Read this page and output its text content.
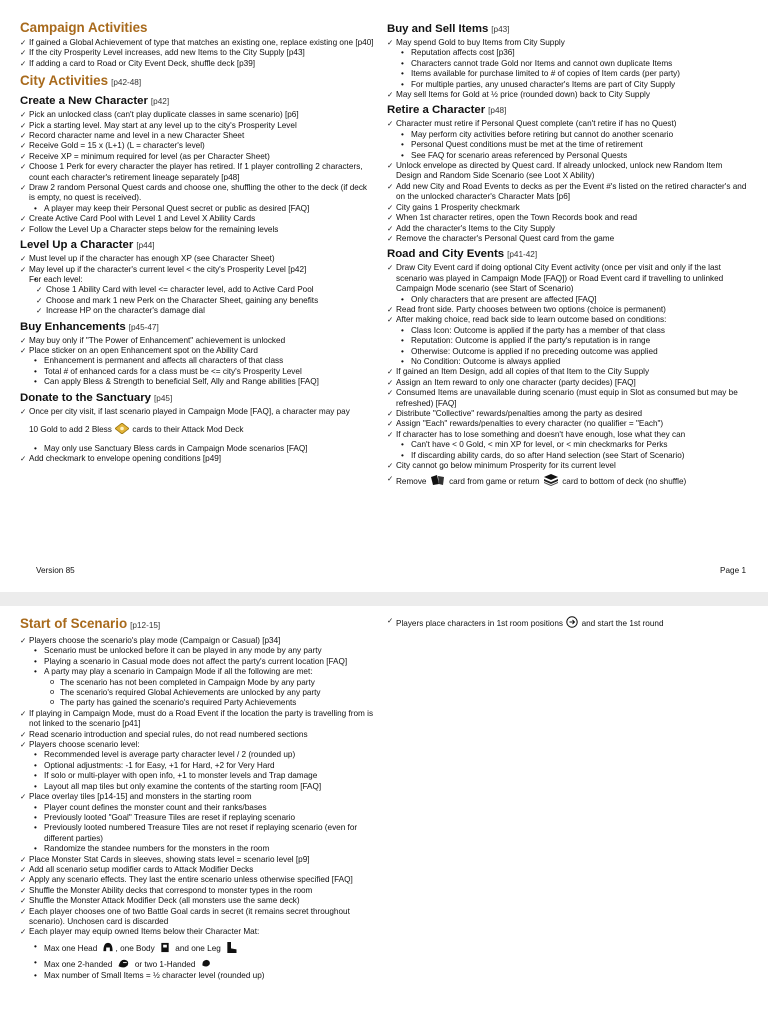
Campaign Activities

✓ If gained a Global Achievement of type that matches an existing one, replace existing one [p40]

✓ If the city Prosperity Level increases, add new Items to the City Supply [p43]

✓ If adding a card to Road or City Event Deck, shuffle deck [p39]

City Activities [p42-48]
Create a New Character [p42]

✓ Pick an unlocked class (can't play duplicate classes in same scenario) [p6]

✓ Pick a starting level. May start at any level up to the city's Prosperity Level

✓ Record character name and level in a new Character Sheet

✓ Receive Gold = 15 x (L+1) (L = character's level)

✓ Receive XP = minimum required for level (as per Character Sheet)

✓ Choose 1 Perk for every character the player has retired. If 1 player controlling 2 characters, count each character's retirement lineage separately [p48]

✓ Draw 2 random Personal Quest cards and choose one, shuffling the other to the deck (if deck is empty, no quest is received).

• A player may keep their Personal Quest secret or public as desired [FAQ]

✓ Create Active Card Pool with Level 1 and Level X Ability Cards

✓ Follow the Level Up a Character steps below for the remaining levels

Level Up a Character [p44]

✓ Must level up if the character has enough XP (see Character Sheet)

✓ May level up if the character's current level < the city's Prosperity Level [p42]

• For each level:

✓ Chose 1 Ability Card with level <= character level, add to Active Card Pool

✓ Choose and mark 1 new Perk on the Character Sheet, gaining any benefits

✓ Increase HP on the character's damage dial

Buy Enhancements [p45-47]

✓ May buy only if "The Power of Enhancement" achievement is unlocked

✓ Place sticker on an open Enhancement spot on the Ability Card

• Enhancement is permanent and affects all characters of that class

• Total # of enhanced cards for a class must be <= city's Prosperity Level

• Can apply Bless & Strength to beneficial Self, Ally and Range abilities [FAQ]

Donate to the Sanctuary [p45]

✓ Once per city visit, if last scenario played in Campaign Mode [FAQ], a character may pay

10 Gold to add 2 Bless	cards to their Attack Mod Deck

• May only use Sanctuary Bless cards in Campaign Mode scenarios [FAQ]

✓ Add checkmark to envelope opening conditions [p49]

Buy and Sell Items [p43]

✓ May spend Gold to buy Items from City Supply

• Reputation affects cost [p36]

• Characters cannot trade Gold nor Items and cannot own duplicate Items

• Items available for purchase limited to # of copies of Item cards (per party)

• For multiple parties, any unused character's Items are part of City Supply

✓ May sell Items for Gold at ½ price (rounded down) back to City Supply

Retire a Character [p48]

✓ Character must retire if Personal Quest complete (can't retire if has no Quest)

• May perform city activities before retiring but cannot do another scenario

• Personal Quest conditions must be met at the time of retirement

• See FAQ for scenario areas referenced by Personal Quests

✓ Unlock envelope as directed by Quest card. If already unlocked, unlock new Random Item Design and Random Side Scenario (see Loot X Ability)

✓ Add new City and Road Events to decks as per the Event #'s listed on the retired character's and on the unlocked character's Character Mats [p6]

✓ City gains 1 Prosperity checkmark

✓ When 1st character retires, open the Town Records book and read

✓ Add the character's Items to the City Supply

✓ Remove the character's Personal Quest card from the game

Road and City Events [p41-42]

✓ Draw City Event card if doing optional City Event activity (once per visit and only if the last scenario was played in Campaign Mode [FAQ]) or Road Event card if travelling to unlinked Campaign Mode scenario (see Start of Scenario)

• Only characters that are present are affected [FAQ]

✓ Read front side. Party chooses between two options (choice is permanent)

✓ After making choice, read back side to learn outcome based on conditions:

• Class Icon: Outcome is applied if the party has a member of that class

• Reputation: Outcome is applied if the party's reputation is in range

• Otherwise: Outcome is applied if no preceding outcome was applied

• No Condition: Outcome is always applied

✓ If gained an Item Design, add all copies of that Item to the City Supply

✓ Assign an Item reward to only one character (party decides) [FAQ]

✓ Consumed Items are unavailable during scenario (must equip in Slot as consumed but may be refreshed) [FAQ]

✓ Distribute "Collective" rewards/penalties among the party as desired

✓ Assign "Each" rewards/penalties to every character (no qualifier = "Each")

✓ If character has to lose something and doesn't have enough, lose what they can

• Can't have < 0 Gold, < min XP for level, or < min checkmarks for Perks

• If discarding ability cards, do so after Hand selection (see Start of Scenario)

✓ City cannot go below minimum Prosperity for its current level

✓ Remove	card from game or return	card to bottom of deck (no shuffle)

Version 85	Page 1
Start of Scenario [p12-15]

✓ Players choose the scenario's play mode (Campaign or Casual) [p34]

• Scenario must be unlocked before it can be played in any mode by any party

• Playing a scenario in Casual mode does not affect the party's current location [FAQ]

• A party may play a scenario in Campaign Mode if all the following are met:

o The scenario has not been completed in Campaign Mode by any party

o The scenario's required Global Achievements are unlocked by any party

o The party has gained the scenario's required Party Achievements

✓ If playing in Campaign Mode, must do a Road Event if the location the party is travelling from is not linked to the scenario [p41]

✓ Read scenario introduction and special rules, do not read numbered sections

✓ Players choose scenario level:

• Recommended level is average party character level / 2 (rounded up)

• Optional adjustments: -1 for Easy, +1 for Hard, +2 for Very Hard

• If solo or multi-player with open info, +1 to monster levels and Trap damage

• Layout all map tiles but only examine the contents of the starting room [FAQ]

✓ Place overlay tiles [p14-15] and monsters in the starting room

• Player count defines the monster count and their ranks/bases

• Previously looted "Goal" Treasure Tiles are reset if replaying scenario

• Previously looted numbered Treasure Tiles are not reset if replaying scenario (even for different parties)

• Randomize the standee numbers for the monsters in the room

✓ Place Monster Stat Cards in sleeves, showing stats level = scenario level [p9]

✓ Add all scenario setup modifier cards to Attack Modifier Decks

✓ Apply any scenario effects. They last the entire scenario unless otherwise specified [FAQ]

✓ Shuffle the Monster Ability decks that correspond to monster types in the room

✓ Shuffle the Monster Attack Modifier Deck (all monsters use the same deck)

✓ Each player chooses one of two Battle Goal cards in secret (it remains secret throughout scenario). Unchosen card is discarded

✓ Each player may equip owned Items below their Character Mat:

• Max one Head , one Body	and one Leg

• Max one 2-handed	or two 1-Handed

• Max number of Small Items = ½ character level (rounded up)

✓ Players place characters in 1st room positions and start the 1st round
